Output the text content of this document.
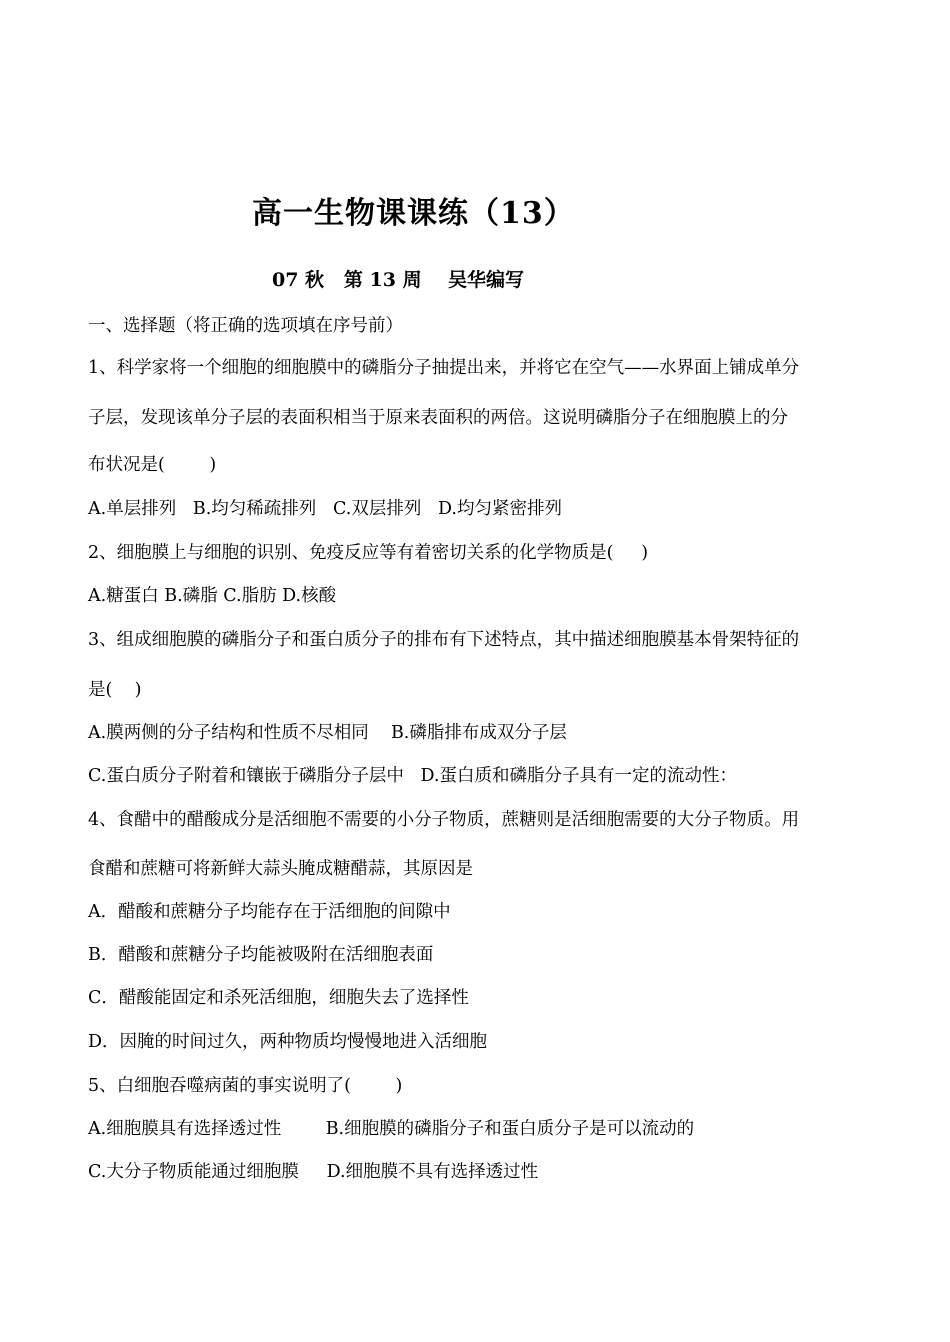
高一生物课课练（13）
07 秋   第 13 周    吴华编写
一、选择题（将正确的选项填在序号前）
1、科学家将一个细胞的细胞膜中的磷脂分子抽提出来，并将它在空气——水界面上铺成单分
子层，发现该单分子层的表面积相当于原来表面积的两倍。这说明磷脂分子在细胞膜上的分
布状况是(        )
A.单层排列   B.均匀稀疏排列   C.双层排列   D.均匀紧密排列
2、细胞膜上与细胞的识别、免疫反应等有着密切关系的化学物质是(     )
A.糖蛋白 B.磷脂 C.脂肪 D.核酸
3、组成细胞膜的磷脂分子和蛋白质分子的排布有下述特点，其中描述细胞膜基本骨架特征的
是(    )
A.膜两侧的分子结构和性质不尽相同    B.磷脂排布成双分子层
C.蛋白质分子附着和镶嵌于磷脂分子层中   D.蛋白质和磷脂分子具有一定的流动性：
4、食醋中的醋酸成分是活细胞不需要的小分子物质，蔗糖则是活细胞需要的大分子物质。用
食醋和蔗糖可将新鲜大蒜头腌成糖醋蒜，其原因是
A．醋酸和蔗糖分子均能存在于活细胞的间隙中
B．醋酸和蔗糖分子均能被吸附在活细胞表面
C．醋酸能固定和杀死活细胞，细胞失去了选择性
D．因腌的时间过久，两种物质均慢慢地进入活细胞
5、白细胞吞噬病菌的事实说明了(        )
A.细胞膜具有选择透过性        B.细胞膜的磷脂分子和蛋白质分子是可以流动的
C.大分子物质能通过细胞膜     D.细胞膜不具有选择透过性
